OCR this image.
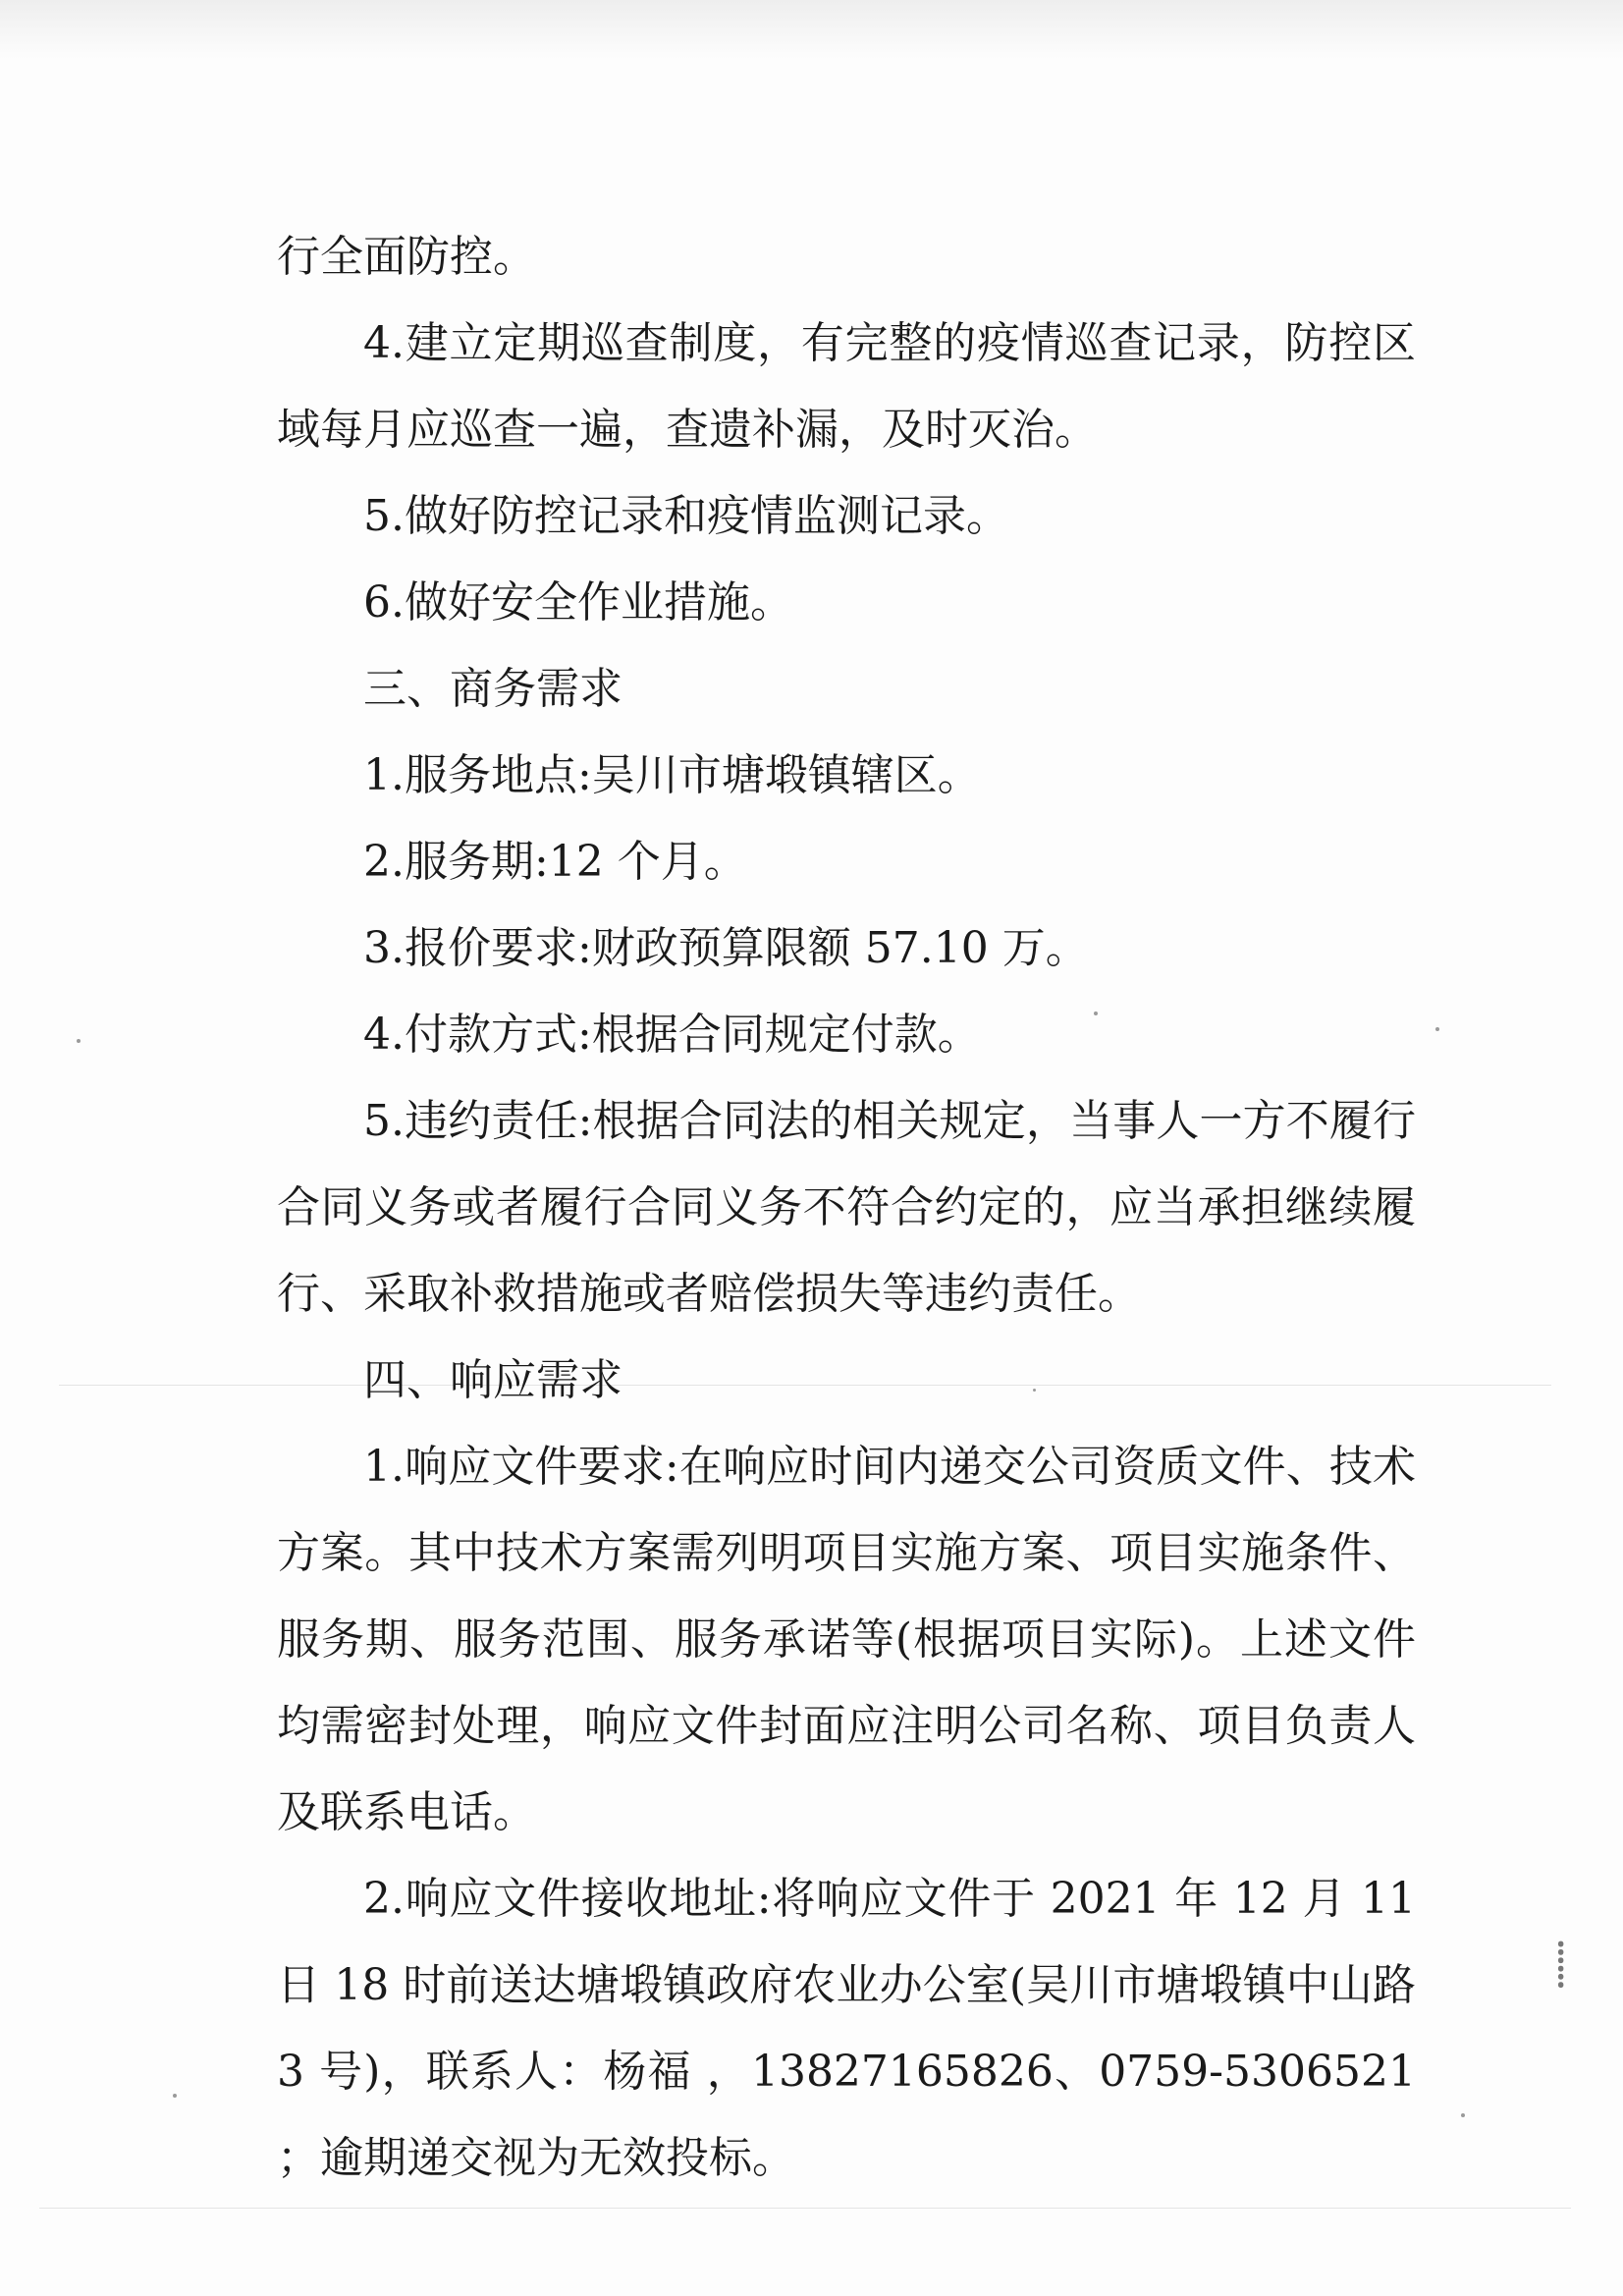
⸽

行全面防控。

4.建立定期巡查制度，有完整的疫情巡查记录，防控区域每月应巡查一遍，查遗补漏，及时灭治。

5.做好防控记录和疫情监测记录。

6.做好安全作业措施。

三、商务需求

1.服务地点:吴川市塘塅镇辖区。

2.服务期:12 个月。

3.报价要求:财政预算限额 57.10 万。

4.付款方式:根据合同规定付款。

5.违约责任:根据合同法的相关规定，当事人一方不履行合同义务或者履行合同义务不符合约定的，应当承担继续履行、采取补救措施或者赔偿损失等违约责任。

四、响应需求

1.响应文件要求:在响应时间内递交公司资质文件、技术方案。其中技术方案需列明项目实施方案、项目实施条件、服务期、服务范围、服务承诺等(根据项目实际)。上述文件均需密封处理，响应文件封面应注明公司名称、项目负责人及联系电话。

2.响应文件接收地址:将响应文件于 2021 年 12 月 11 日 18 时前送达塘塅镇政府农业办公室(吴川市塘塅镇中山路 3 号)，联系人：杨福 ，13827165826、0759-5306521 ；逾期递交视为无效投标。
